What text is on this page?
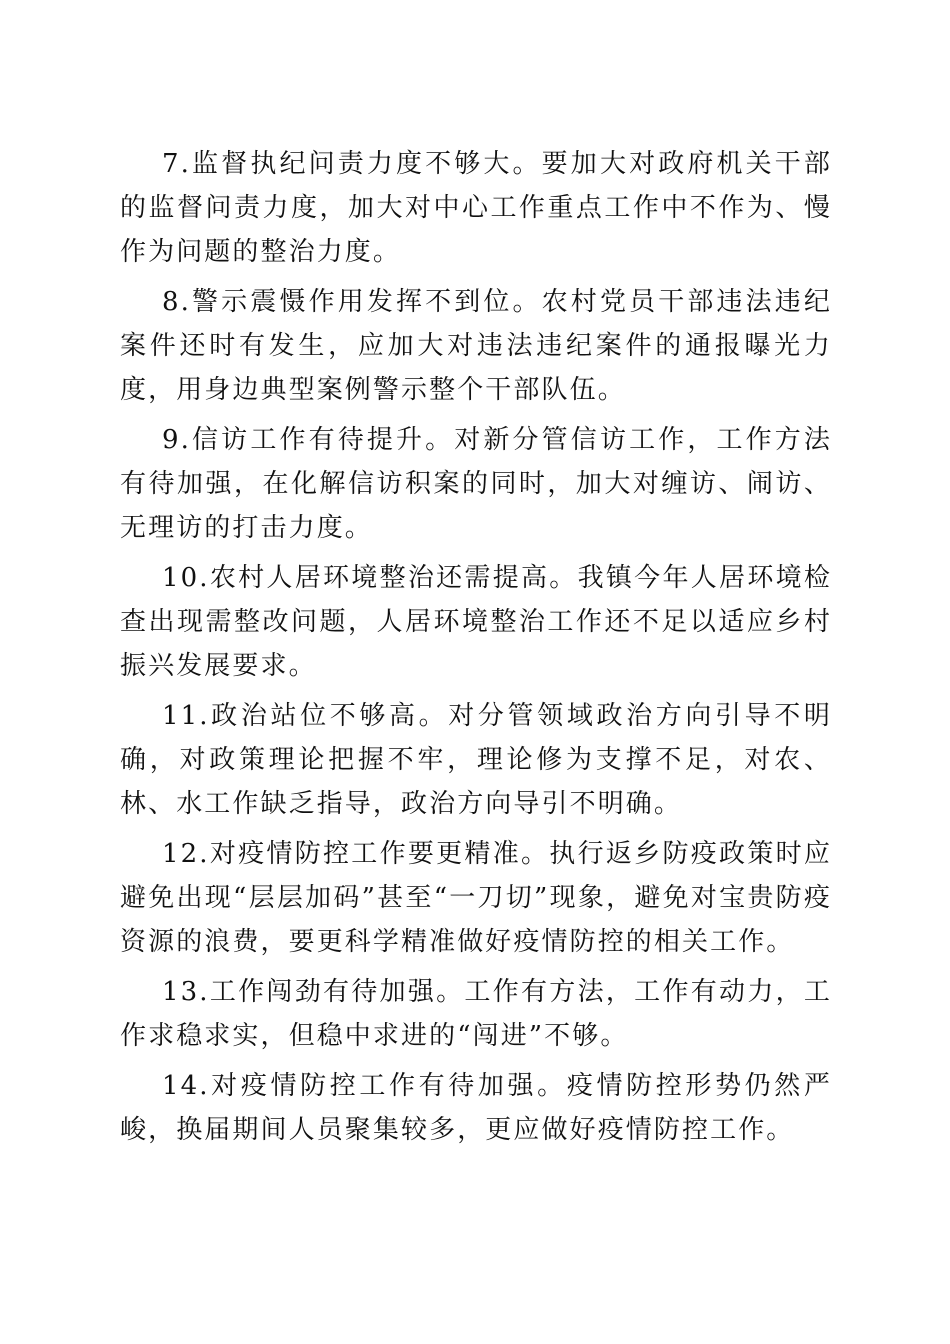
7.监督执纪问责力度不够大。要加大对政府机关干部的监督问责力度，加大对中心工作重点工作中不作为、慢作为问题的整治力度。

8.警示震慑作用发挥不到位。农村党员干部违法违纪案件还时有发生，应加大对违法违纪案件的通报曝光力度，用身边典型案例警示整个干部队伍。

9.信访工作有待提升。对新分管信访工作，工作方法有待加强，在化解信访积案的同时，加大对缠访、闹访、无理访的打击力度。

10.农村人居环境整治还需提高。我镇今年人居环境检查出现需整改问题，人居环境整治工作还不足以适应乡村振兴发展要求。

11.政治站位不够高。对分管领域政治方向引导不明确，对政策理论把握不牢，理论修为支撑不足，对农、林、水工作缺乏指导，政治方向导引不明确。

12.对疫情防控工作要更精准。执行返乡防疫政策时应避免出现“层层加码”甚至“一刀切”现象，避免对宝贵防疫资源的浪费，要更科学精准做好疫情防控的相关工作。

13.工作闯劲有待加强。工作有方法，工作有动力，工作求稳求实，但稳中求进的“闯进”不够。

14.对疫情防控工作有待加强。疫情防控形势仍然严峻，换届期间人员聚集较多，更应做好疫情防控工作。
